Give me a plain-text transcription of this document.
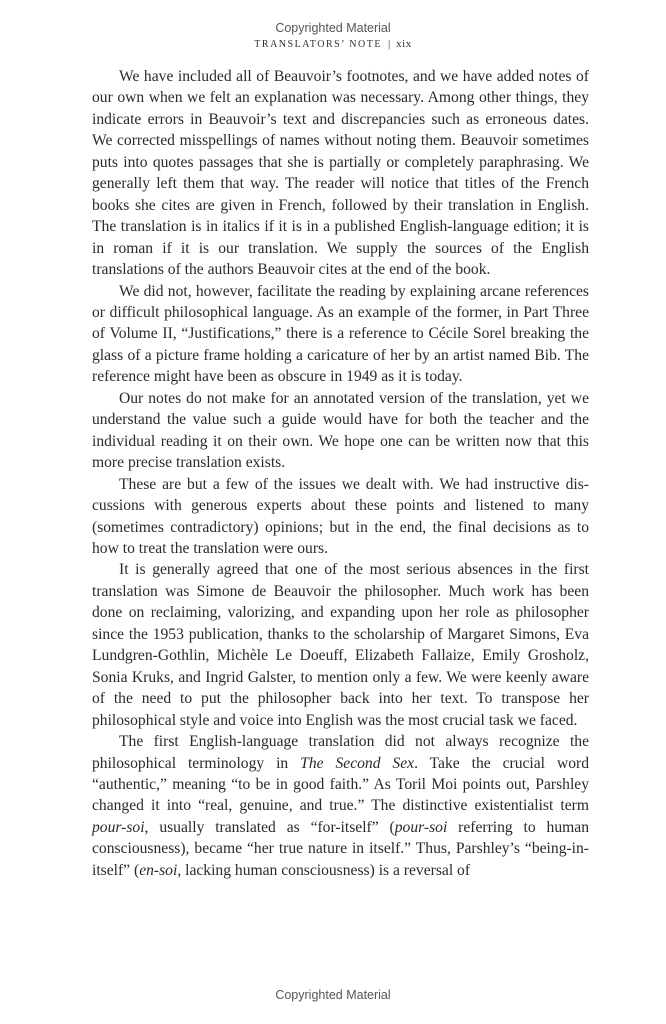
Copyrighted Material
TRANSLATORS’ NOTE | xix

We have included all of Beauvoir’s footnotes, and we have added notes of our own when we felt an explanation was necessary. Among other things, they indicate errors in Beauvoir’s text and discrepancies such as erroneous dates. We corrected misspellings of names without noting them. Beauvoir sometimes puts into quotes passages that she is partially or completely paraphrasing. We generally left them that way. The reader will notice that titles of the French books she cites are given in French, followed by their translation in English. The translation is in italics if it is in a published English-language edition; it is in roman if it is our translation. We supply the sources of the English translations of the authors Beauvoir cites at the end of the book.

We did not, however, facilitate the reading by explaining arcane references or difficult philosophical language. As an example of the former, in Part Three of Volume II, “Justifications,” there is a reference to Cécile Sorel breaking the glass of a picture frame holding a caricature of her by an artist named Bib. The reference might have been as obscure in 1949 as it is today.

Our notes do not make for an annotated version of the translation, yet we understand the value such a guide would have for both the teacher and the individual reading it on their own. We hope one can be written now that this more precise translation exists.

These are but a few of the issues we dealt with. We had instructive discussions with generous experts about these points and listened to many (sometimes contradictory) opinions; but in the end, the final decisions as to how to treat the translation were ours.

It is generally agreed that one of the most serious absences in the first translation was Simone de Beauvoir the philosopher. Much work has been done on reclaiming, valorizing, and expanding upon her role as philosopher since the 1953 publication, thanks to the scholarship of Margaret Simons, Eva Lundgren-Gothlin, Michèle Le Doeuff, Elizabeth Fallaize, Emily Grosholz, Sonia Kruks, and Ingrid Galster, to mention only a few. We were keenly aware of the need to put the philosopher back into her text. To transpose her philosophical style and voice into English was the most crucial task we faced.

The first English-language translation did not always recognize the philosophical terminology in The Second Sex. Take the crucial word “authentic,” meaning “to be in good faith.” As Toril Moi points out, Parshley changed it into “real, genuine, and true.” The distinctive existentialist term pour-soi, usually translated as “for-itself” (pour-soi referring to human consciousness), became “her true nature in itself.” Thus, Parshley’s “being-in-itself” (en-soi, lacking human consciousness) is a reversal of

Copyrighted Material
